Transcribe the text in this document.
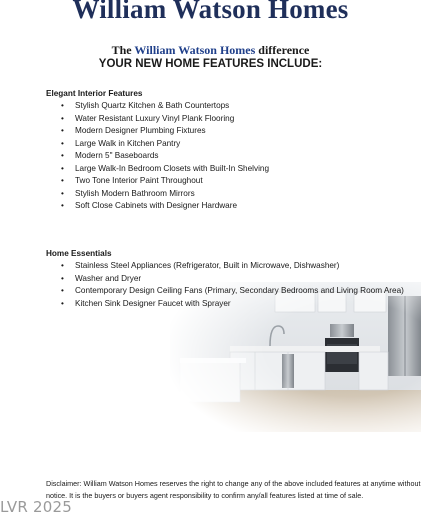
William Watson Homes
The William Watson Homes difference
YOUR NEW HOME FEATURES INCLUDE:
Elegant Interior Features
• Stylish Quartz Kitchen & Bath Countertops
• Water Resistant Luxury Vinyl Plank Flooring
• Modern Designer Plumbing Fixtures
• Large Walk in Kitchen Pantry
• Modern 5" Baseboards
• Large Walk-In Bedroom Closets with Built-In Shelving
• Two Tone Interior Paint Throughout
• Stylish Modern Bathroom Mirrors
• Soft Close Cabinets with Designer Hardware
Home Essentials
• Stainless Steel Appliances (Refrigerator, Built in Microwave, Dishwasher)
• Washer and Dryer
• Contemporary Design Ceiling Fans (Primary, Secondary Bedrooms and Living Room Area)
• Kitchen Sink Designer Faucet with Sprayer
Disclaimer: William Watson Homes reserves the right to change any of the above included features at anytime without notice. It is the buyers or buyers agent responsibility to confirm any/all features listed at time of sale.
LVR 2025
